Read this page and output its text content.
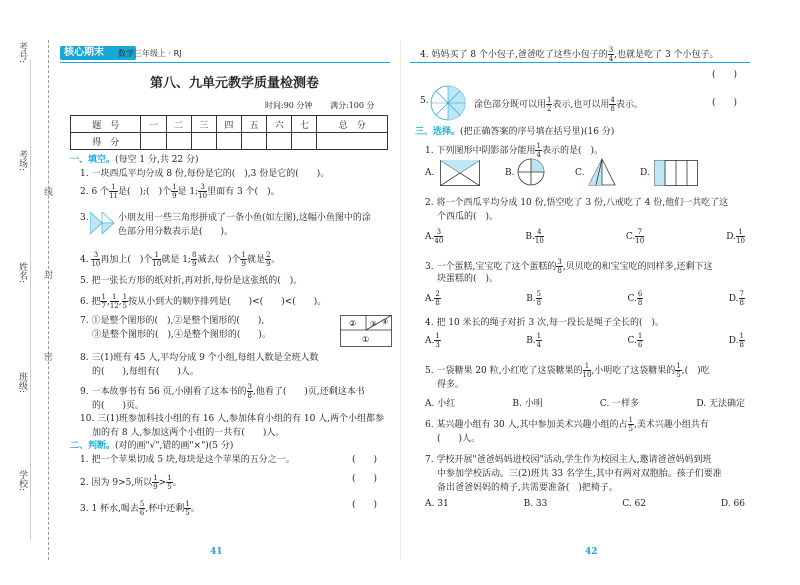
考号:
考场:
姓名:
班级:
学校:
线
封
密
核心期末	数学三年级上 · RJ
第八、九单元教学质量检测卷
时间:90 分钟 满分:100 分
题　号	一	二	三	四	五	六	七	总　分
得　分								
一、填空。(每空 1 分,共 22 分)
1. 一块西瓜平均分成 8 份,每份是它的(  ),3 份是它的(   )。
2. 6 个 $\frac{1}{11}$ 是(  );(  )个 $\frac{1}{9}$ 是 1; $\frac{3}{10}$ 里面有 3 个(  )。
3.	小朋友用一些三角形拼成了一条小鱼(如左图),这幅小鱼图中的涂
色部分用分数表示是(   )。
4. $\frac{3}{10}$ 再加上(  )个 $\frac{1}{10}$ 就是 1; $\frac{8}{9}$ 减去(  )个 $\frac{1}{9}$ 就是 $\frac{2}{9}$ 。
5. 把一张长方形的纸对折,再对折,每份是这张纸的(  )。
6. 把 $\frac{1}{7}$ , $\frac{1}{12}$ , $\frac{1}{5}$ 按从小到大的顺序排列是(   )<(   )<(   )。
7. ①是整个图形的(  ),②是整个图形的(   ),
③是整个图形的(  ),④是整个图形的(   )。
② ③ ④
①
8. 三(1)班有 45 人,平均分成 9 个小组,每组人数是全班人数
的(   ),每组有(   )人。
9. 一本故事书有 56 页,小刚看了这本书的 $\frac{3}{8}$ ,他看了(   )页,还剩这本书
的(   )页。
10. 三(1)班参加科技小组的有 16 人,参加体育小组的有 10 人,两个小组都参
加的有 8 人,参加这两个小组的一共有(   )人。
二、判断。(对的画"√",错的画"×")(5 分)
1. 把一个苹果切成 5 块,每块是这个苹果的五分之一。	(　　)
2. 因为 9>5,所以 $\frac{1}{9} > \frac{1}{5}$ 。	(　　)
3. 1 杯水,喝去 $\frac{5}{6}$ ,杯中还剩 $\frac{1}{5}$ 。	(　　)
41
4. 妈妈买了 8 个小包子,爸爸吃了这些小包子的 $\frac{3}{4}$ ,也就是吃了 3 个小包子。
(　　)
5.	涂色部分既可以用 $\frac{1}{2}$ 表示,也可以用 $\frac{4}{8}$ 表示。	(　　)
三、选择。(把正确答案的序号填在括号里)(16 分)
1. 下列图形中阴影部分能用 $\frac{1}{4}$ 表示的是(  )。
A.	B.	C.	D.
2. 将一个西瓜平均分成 10 份,悟空吃了 3 份,八戒吃了 4 份,他们一共吃了这
个西瓜的(  )。
A. $\frac{3}{40}$	B. $\frac{4}{10}$	C. $\frac{7}{10}$	D. $\frac{1}{10}$
3. 一个蛋糕,宝宝吃了这个蛋糕的 $\frac{3}{8}$ ,贝贝吃的和宝宝吃的同样多,还剩下这
块蛋糕的(  )。
A. $\frac{2}{8}$	B. $\frac{5}{8}$	C. $\frac{6}{8}$	D. $\frac{7}{8}$
4. 把 10 米长的绳子对折 3 次,每一段长是绳子全长的(  )。
A. $\frac{1}{3}$	B. $\frac{1}{4}$	C. $\frac{1}{6}$	D. $\frac{1}{8}$
5. 一袋糖果 20 粒,小红吃了这袋糖果的 $\frac{1}{10}$ ,小明吃了这袋糖果的 $\frac{1}{5}$ ,(  )吃
得多。
A. 小红	B. 小明	C. 一样多	D. 无法确定
6. 某兴趣小组有 30 人,其中参加美术兴趣小组的占 $\frac{1}{5}$ ,美术兴趣小组共有
(   )人。
7. 学校开展"爸爸妈妈进校园"活动,学生作为校园主人,邀请爸爸妈妈到班
中参加学校活动。三(2)班共 33 名学生,其中有两对双胞胎。孩子们要准
备出爸爸妈妈的椅子,共需要准备(  )把椅子。
A. 31	B. 33	C. 62	D. 66
42
